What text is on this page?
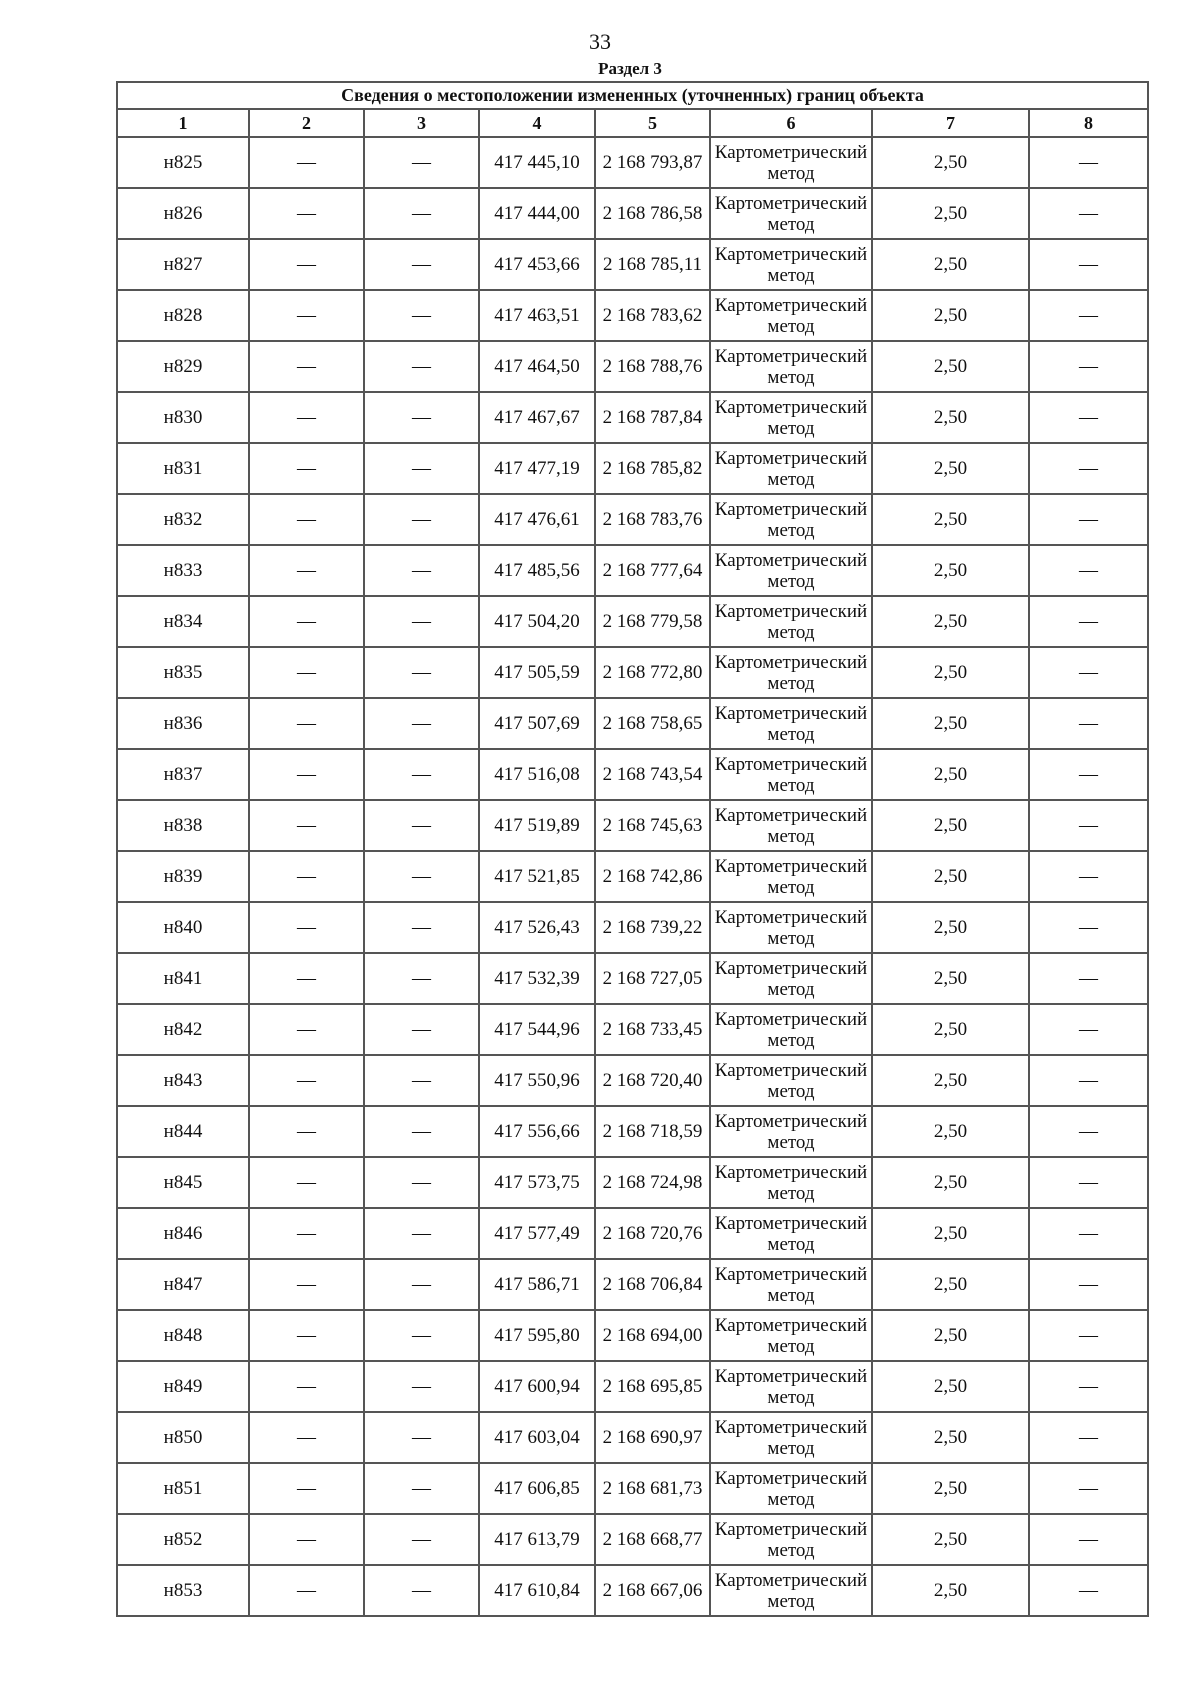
33
Раздел 3
Сведения о местоположении измененных (уточненных) границ объекта							
1	2	3	4	5	6	7	8
н825	—	—	417 445,10	2 168 793,87	Картометрический метод	2,50	—
н826	—	—	417 444,00	2 168 786,58	Картометрический метод	2,50	—
н827	—	—	417 453,66	2 168 785,11	Картометрический метод	2,50	—
н828	—	—	417 463,51	2 168 783,62	Картометрический метод	2,50	—
н829	—	—	417 464,50	2 168 788,76	Картометрический метод	2,50	—
н830	—	—	417 467,67	2 168 787,84	Картометрический метод	2,50	—
н831	—	—	417 477,19	2 168 785,82	Картометрический метод	2,50	—
н832	—	—	417 476,61	2 168 783,76	Картометрический метод	2,50	—
н833	—	—	417 485,56	2 168 777,64	Картометрический метод	2,50	—
н834	—	—	417 504,20	2 168 779,58	Картометрический метод	2,50	—
н835	—	—	417 505,59	2 168 772,80	Картометрический метод	2,50	—
н836	—	—	417 507,69	2 168 758,65	Картометрический метод	2,50	—
н837	—	—	417 516,08	2 168 743,54	Картометрический метод	2,50	—
н838	—	—	417 519,89	2 168 745,63	Картометрический метод	2,50	—
н839	—	—	417 521,85	2 168 742,86	Картометрический метод	2,50	—
н840	—	—	417 526,43	2 168 739,22	Картометрический метод	2,50	—
н841	—	—	417 532,39	2 168 727,05	Картометрический метод	2,50	—
н842	—	—	417 544,96	2 168 733,45	Картометрический метод	2,50	—
н843	—	—	417 550,96	2 168 720,40	Картометрический метод	2,50	—
н844	—	—	417 556,66	2 168 718,59	Картометрический метод	2,50	—
н845	—	—	417 573,75	2 168 724,98	Картометрический метод	2,50	—
н846	—	—	417 577,49	2 168 720,76	Картометрический метод	2,50	—
н847	—	—	417 586,71	2 168 706,84	Картометрический метод	2,50	—
н848	—	—	417 595,80	2 168 694,00	Картометрический метод	2,50	—
н849	—	—	417 600,94	2 168 695,85	Картометрический метод	2,50	—
н850	—	—	417 603,04	2 168 690,97	Картометрический метод	2,50	—
н851	—	—	417 606,85	2 168 681,73	Картометрический метод	2,50	—
н852	—	—	417 613,79	2 168 668,77	Картометрический метод	2,50	—
н853	—	—	417 610,84	2 168 667,06	Картометрический метод	2,50	—
